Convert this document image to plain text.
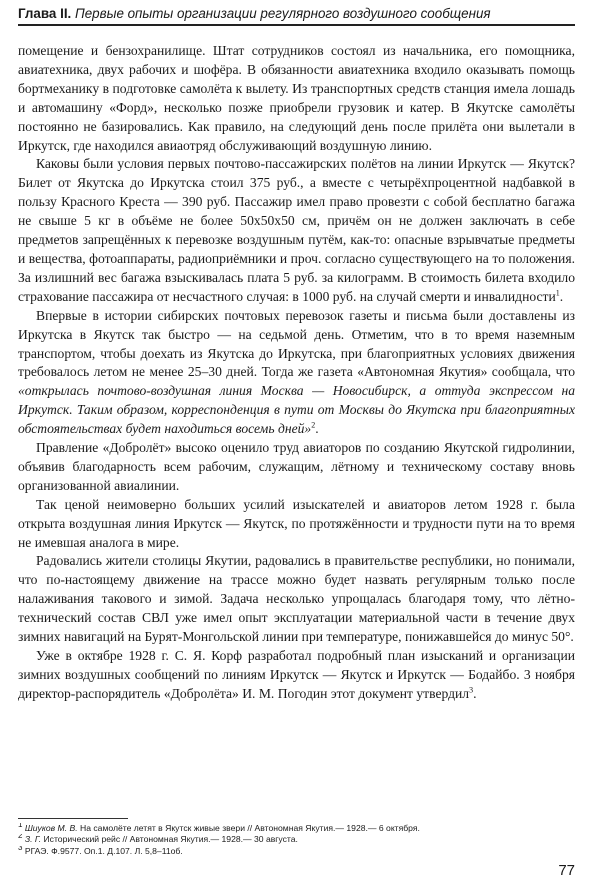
Глава II. Первые опыты организации регулярного воздушного сообщения

помещение и бензохранилище. Штат сотрудников состоял из начальника, его помощника, авиатехника, двух рабочих и шофёра. В обязанности авиатехника входило оказывать помощь бортмеханику в подготовке самолёта к вылету. Из транспортных средств станция имела лошадь и автомашину «Форд», несколько позже приобрели грузовик и катер. В Якутске самолёты постоянно не базировались. Как правило, на следующий день после прилёта они вылетали в Иркутск, где находился авиаотряд обслуживающий воздушную линию.

Каковы были условия первых почтово-пассажирских полётов на линии Иркутск — Якутск? Билет от Якутска до Иркутска стоил 375 руб., а вместе с четырёхпроцентной надбавкой в пользу Красного Креста — 390 руб. Пассажир имел право провезти с собой бесплатно багажа не свыше 5 кг в объёме не более 50х50х50 см, причём он не должен заключать в себе предметов запрещённых к перевозке воздушным путём, как-то: опасные взрывчатые предметы и вещества, фотоаппараты, радиоприёмники и проч. согласно существующего на то положения. За излишний вес багажа взыскивалась плата 5 руб. за килограмм. В стоимость билета входило страхование пассажира от несчастного случая: в 1000 руб. на случай смерти и инвалидности$^1$.

Впервые в истории сибирских почтовых перевозок газеты и письма были доставлены из Иркутска в Якутск так быстро — на седьмой день. Отметим, что в то время наземным транспортом, чтобы доехать из Якутска до Иркутска, при благоприятных условиях движения требовалось летом не менее 25–30 дней. Тогда же газета «Автономная Якутия» сообщала, что «открылась почтово-воздушная линия Москва — Новосибирск, а оттуда экспрессом на Иркутск. Таким образом, корреспонденция в пути от Москвы до Якутска при благоприятных обстоятельствах будет находиться восемь дней»$^2$.

Правление «Добролёт» высоко оценило труд авиаторов по созданию Якутской гидролинии, объявив благодарность всем рабочим, служащим, лётному и техническому составу вновь организованной авиалинии.

Так ценой неимоверно больших усилий изыскателей и авиаторов летом 1928 г. была открыта воздушная линия Иркутск — Якутск, по протяжённости и трудности пути на то время не имевшая аналога в мире.

Радовались жители столицы Якутии, радовались в правительстве республики, но понимали, что по-настоящему движение на трассе можно будет назвать регулярным только после налаживания такового и зимой. Задача несколько упрощалась благодаря тому, что лётно-технический состав СВЛ уже имел опыт эксплуатации материальной части в течение двух зимних навигаций на Бурят-Монгольской линии при температуре, понижавшейся до минус 50°.

Уже в октябре 1928 г. С. Я. Корф разработал подробный план изысканий и организации зимних воздушных сообщений по линиям Иркутск — Якутск и Иркутск — Бодайбо. 3 ноября директор-распорядитель «Добролёта» И. М. Погодин этот документ утвердил$^3$.

$^1$ Шиуков М. В. На самолёте летят в Якутск живые звери // Автономная Якутия.— 1928.— 6 октября.
$^2$ З. Г. Исторический рейс // Автономная Якутия.— 1928.— 30 августа.
$^3$ РГАЭ. Ф.9577. Оп.1. Д.107. Л. 5,8–11об.
77
